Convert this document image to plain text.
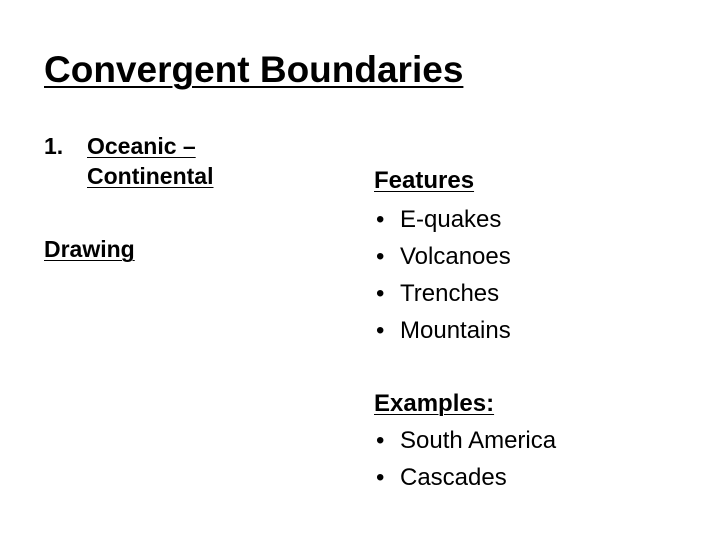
Convergent Boundaries
1. Oceanic – Continental
Drawing
Features
• E-quakes
• Volcanoes
• Trenches
• Mountains
Examples:
• South America
• Cascades
